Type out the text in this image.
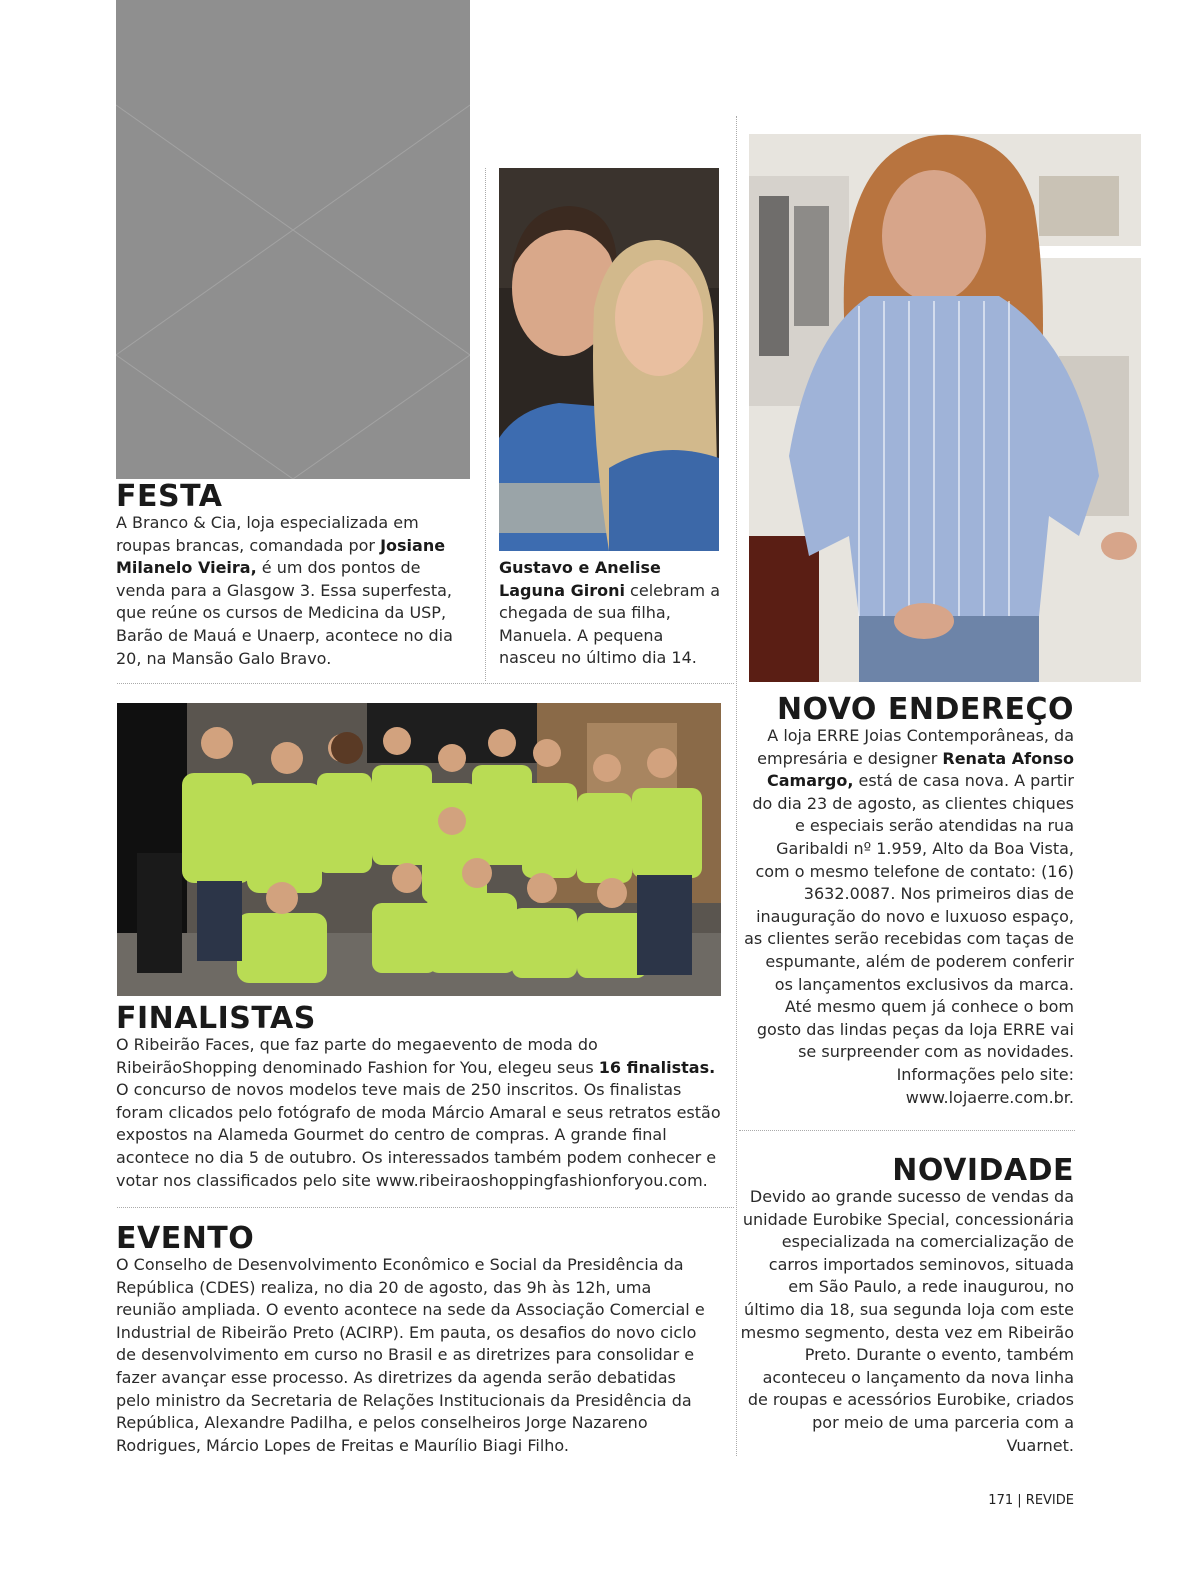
FESTA

A Branco & Cia, loja especializada em roupas brancas, comandada por Josiane Milanelo Vieira, é um dos pontos de venda para a Glasgow 3. Essa superfesta, que reúne os cursos de Medicina da USP, Barão de Mauá e Unaerp, acontece no dia 20, na Mansão Galo Bravo.

Gustavo e Anelise Laguna Gironi celebram a chegada de sua filha, Manuela. A pequena nasceu no último dia 14.

NOVO ENDEREÇO

A loja ERRE Joias Contemporâneas, da empresária e designer Renata Afonso Camargo, está de casa nova. A partir do dia 23 de agosto, as clientes chiques e especiais serão atendidas na rua Garibaldi nº 1.959, Alto da Boa Vista, com o mesmo telefone de contato: (16) 3632.0087. Nos primeiros dias de inauguração do novo e luxuoso espaço, as clientes serão recebidas com taças de espumante, além de poderem conferir os lançamentos exclusivos da marca. Até mesmo quem já conhece o bom gosto das lindas peças da loja ERRE vai se surpreender com as novidades. Informações pelo site: www.lojaerre.com.br.

FINALISTAS

O Ribeirão Faces, que faz parte do megaevento de moda do RibeirãoShopping denominado Fashion for You, elegeu seus 16 finalistas. O concurso de novos modelos teve mais de 250 inscritos. Os finalistas foram clicados pelo fotógrafo de moda Márcio Amaral e seus retratos estão expostos na Alameda Gourmet do centro de compras. A grande final acontece no dia 5 de outubro. Os interessados também podem conhecer e votar nos classificados pelo site www.ribeiraoshoppingfashionforyou.com.

EVENTO

O Conselho de Desenvolvimento Econômico e Social da Presidência da República (CDES) realiza, no dia 20 de agosto, das 9h às 12h, uma reunião ampliada. O evento acontece na sede da Associação Comercial e Industrial de Ribeirão Preto (ACIRP). Em pauta, os desafios do novo ciclo de desenvolvimento em curso no Brasil e as diretrizes para consolidar e fazer avançar esse processo. As diretrizes da agenda serão debatidas pelo ministro da Secretaria de Relações Institucionais da Presidência da República, Alexandre Padilha, e pelos conselheiros Jorge Nazareno Rodrigues, Márcio Lopes de Freitas e Maurílio Biagi Filho.

NOVIDADE

Devido ao grande sucesso de vendas da unidade Eurobike Special, concessionária especializada na comercialização de carros importados seminovos, situada em São Paulo, a rede inaugurou, no último dia 18, sua segunda loja com este mesmo segmento, desta vez em Ribeirão Preto. Durante o evento, também aconteceu o lançamento da nova linha de roupas e acessórios Eurobike, criados por meio de uma parceria com a Vuarnet.

171 | REVIDE
